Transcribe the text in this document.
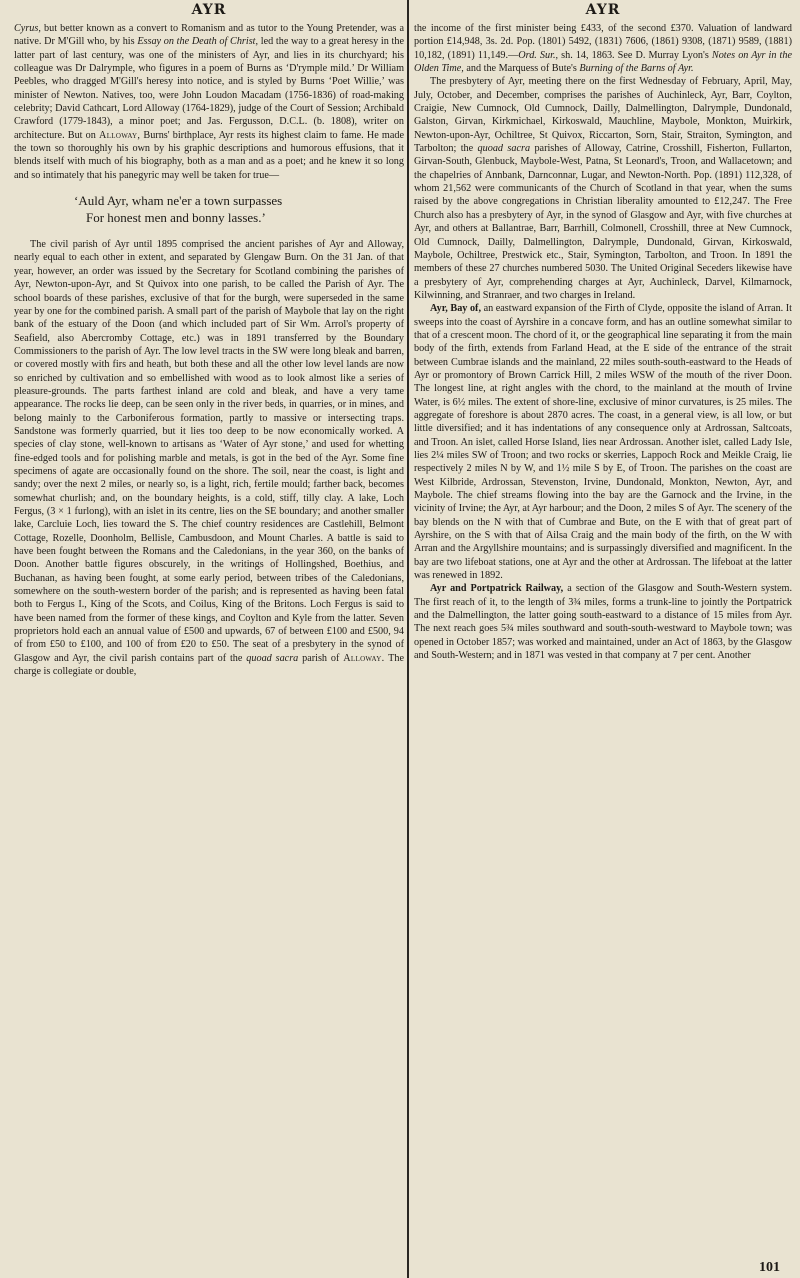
AYR

Cyrus, but better known as a convert to Romanism and as tutor to the Young Pretender, was a native. Dr M'Gill who, by his Essay on the Death of Christ, led the way to a great heresy in the latter part of last century, was one of the ministers of Ayr, and lies in its churchyard; his colleague was Dr Dalrymple, who figures in a poem of Burns as ‘D'rymple mild.’ Dr William Peebles, who dragged M'Gill's heresy into notice, and is styled by Burns ‘Poet Willie,’ was minister of Newton. Natives, too, were John Loudon Macadam (1756-1836) of road-making celebrity; David Cathcart, Lord Alloway (1764-1829), judge of the Court of Session; Archibald Crawford (1779-1843), a minor poet; and Jas. Fergusson, D.C.L. (b. 1808), writer on architecture. But on Alloway, Burns' birthplace, Ayr rests its highest claim to fame. He made the town so thoroughly his own by his graphic descriptions and humorous effusions, that it blends itself with much of his biography, both as a man and as a poet; and he knew it so long and so intimately that his panegyric may well be taken for true—

‘Auld Ayr, wham ne'er a town surpasses
For honest men and bonny lasses.’

The civil parish of Ayr until 1895 comprised the ancient parishes of Ayr and Alloway, nearly equal to each other in extent, and separated by Glengaw Burn. On the 31 Jan. of that year, however, an order was issued by the Secretary for Scotland combining the parishes of Ayr, Newton-upon-Ayr, and St Quivox into one parish, to be called the Parish of Ayr. The school boards of these parishes, exclusive of that for the burgh, were superseded in the same year by one for the combined parish. A small part of the parish of Maybole that lay on the right bank of the estuary of the Doon (and which included part of Sir Wm. Arrol's property of Seafield, also Abercromby Cottage, etc.) was in 1891 transferred by the Boundary Commissioners to the parish of Ayr. The low level tracts in the SW were long bleak and barren, or covered mostly with firs and heath, but both these and all the other low level lands are now so enriched by cultivation and so embellished with wood as to look almost like a series of pleasure-grounds. The parts farthest inland are cold and bleak, and have a very tame appearance. The rocks lie deep, can be seen only in the river beds, in quarries, or in mines, and belong mainly to the Carboniferous formation, partly to massive or intersecting traps. Sandstone was formerly quarried, but it lies too deep to be now economically worked. A species of clay stone, well-known to artisans as ‘Water of Ayr stone,’ and used for whetting fine-edged tools and for polishing marble and metals, is got in the bed of the Ayr. Some fine specimens of agate are occasionally found on the shore. The soil, near the coast, is light and sandy; over the next 2 miles, or nearly so, is a light, rich, fertile mould; farther back, becomes somewhat churlish; and, on the boundary heights, is a cold, stiff, tilly clay. A lake, Loch Fergus, (3 × 1 furlong), with an islet in its centre, lies on the SE boundary; and another smaller lake, Carcluie Loch, lies toward the S. The chief country residences are Castlehill, Belmont Cottage, Rozelle, Doonholm, Bellisle, Cambusdoon, and Mount Charles. A battle is said to have been fought between the Romans and the Caledonians, in the year 360, on the banks of Doon. Another battle figures obscurely, in the writings of Hollingshed, Boethius, and Buchanan, as having been fought, at some early period, between tribes of the Caledonians, somewhere on the south-western border of the parish; and is represented as having been fatal both to Fergus I., King of the Scots, and Coilus, King of the Britons. Loch Fergus is said to have been named from the former of these kings, and Coylton and Kyle from the latter. Seven proprietors hold each an annual value of £500 and upwards, 67 of between £100 and £500, 94 of from £50 to £100, and 100 of from £20 to £50. The seat of a presbytery in the synod of Glasgow and Ayr, the civil parish contains part of the quoad sacra parish of Alloway. The charge is collegiate or double,

AYR

the income of the first minister being £433, of the second £370. Valuation of landward portion £14,948, 3s. 2d. Pop. (1801) 5492, (1831) 7606, (1861) 9308, (1871) 9589, (1881) 10,182, (1891) 11,149.—Ord. Sur., sh. 14, 1863. See D. Murray Lyon's Notes on Ayr in the Olden Time, and the Marquess of Bute's Burning of the Barns of Ayr.

The presbytery of Ayr, meeting there on the first Wednesday of February, April, May, July, October, and December, comprises the parishes of Auchinleck, Ayr, Barr, Coylton, Craigie, New Cumnock, Old Cumnock, Dailly, Dalmellington, Dalrymple, Dundonald, Galston, Girvan, Kirkmichael, Kirkoswald, Mauchline, Maybole, Monkton, Muirkirk, Newton-upon-Ayr, Ochiltree, St Quivox, Riccarton, Sorn, Stair, Straiton, Symington, and Tarbolton; the quoad sacra parishes of Alloway, Catrine, Crosshill, Fisherton, Fullarton, Girvan-South, Glenbuck, Maybole-West, Patna, St Leonard's, Troon, and Wallacetown; and the chapelries of Annbank, Darnconnar, Lugar, and Newton-North. Pop. (1891) 112,328, of whom 21,562 were communicants of the Church of Scotland in that year, when the sums raised by the above congregations in Christian liberality amounted to £12,247. The Free Church also has a presbytery of Ayr, in the synod of Glasgow and Ayr, with five churches at Ayr, and others at Ballantrae, Barr, Barrhill, Colmonell, Crosshill, three at New Cumnock, Old Cumnock, Dailly, Dalmellington, Dalrymple, Dundonald, Girvan, Kirkoswald, Maybole, Ochiltree, Prestwick etc., Stair, Symington, Tarbolton, and Troon. In 1891 the members of these 27 churches numbered 5030. The United Original Seceders likewise have a presbytery of Ayr, comprehending charges at Ayr, Auchinleck, Darvel, Kilmarnock, Kilwinning, and Stranraer, and two charges in Ireland.

Ayr, Bay of, an eastward expansion of the Firth of Clyde, opposite the island of Arran. It sweeps into the coast of Ayrshire in a concave form, and has an outline somewhat similar to that of a crescent moon. The chord of it, or the geographical line separating it from the main body of the firth, extends from Farland Head, at the E side of the entrance of the strait between Cumbrae islands and the mainland, 22 miles south-south-eastward to the Heads of Ayr or promontory of Brown Carrick Hill, 2 miles WSW of the mouth of the river Doon. The longest line, at right angles with the chord, to the mainland at the mouth of Irvine Water, is 6½ miles. The extent of shore-line, exclusive of minor curvatures, is 25 miles. The aggregate of foreshore is about 2870 acres. The coast, in a general view, is all low, or but little diversified; and it has indentations of any consequence only at Ardrossan, Saltcoats, and Troon. An islet, called Horse Island, lies near Ardrossan. Another islet, called Lady Isle, lies 2¼ miles SW of Troon; and two rocks or skerries, Lappoch Rock and Meikle Craig, lie respectively 2 miles N by W, and 1½ mile S by E, of Troon. The parishes on the coast are West Kilbride, Ardrossan, Stevenston, Irvine, Dundonald, Monkton, Newton, Ayr, and Maybole. The chief streams flowing into the bay are the Garnock and the Irvine, in the vicinity of Irvine; the Ayr, at Ayr harbour; and the Doon, 2 miles S of Ayr. The scenery of the bay blends on the N with that of Cumbrae and Bute, on the E with that of great part of Ayrshire, on the S with that of Ailsa Craig and the main body of the firth, on the W with Arran and the Argyllshire mountains; and is surpassingly diversified and magnificent. In the bay are two lifeboat stations, one at Ayr and the other at Ardrossan. The lifeboat at the latter was renewed in 1892.

Ayr and Portpatrick Railway, a section of the Glasgow and South-Western system. The first reach of it, to the length of 3¾ miles, forms a trunk-line to jointly the Portpatrick and the Dalmellington, the latter going south-eastward to a distance of 15 miles from Ayr. The next reach goes 5¾ miles southward and south-south-westward to Maybole town; was opened in October 1857; was worked and maintained, under an Act of 1863, by the Glasgow and South-Western; and in 1871 was vested in that company at 7 per cent. Another

101
